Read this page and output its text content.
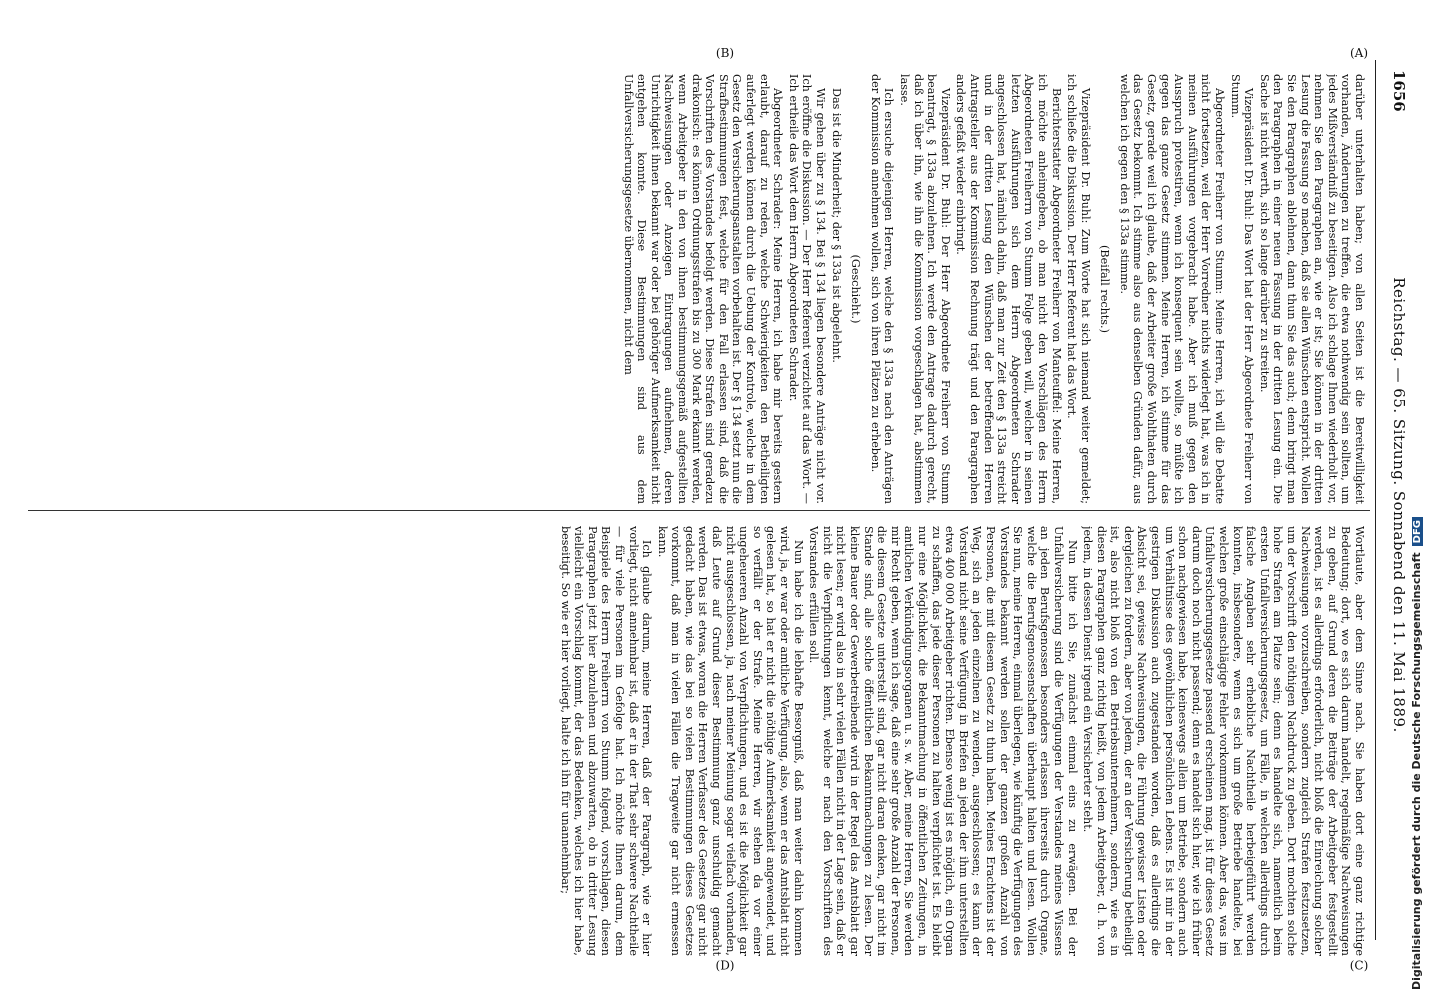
1656
Reichstag. — 65. Sitzung. Sonnabend den 11. Mai 1889.
(A)
(B)
(C)
(D)

darüber unterhalten haben; von allen Seiten ist die Bereitwilligkeit vorhanden, Änderungen zu treffen, die etwa nothwendig sein sollten, um jedes Mißverständniß zu beseitigen. Also ich schlage Ihnen wiederholt vor, nehmen Sie den Paragraphen an, wie er ist; Sie können in der dritten Lesung die Fassung so machen, daß sie allen Wünschen entspricht. Wollen Sie den Paragraphen ablehnen, dann thun Sie das auch; denn bringt man den Paragraphen in einer neuen Fassung in der dritten Lesung ein. Die Sache ist nicht werth, sich so lange darüber zu streiten.

Vizepräsident Dr. Buhl: Das Wort hat der Herr Abgeordnete Freiherr von Stumm.

Abgeordneter Freiherr von Stumm: Meine Herren, ich will die Debatte nicht fortsetzen, weil der Herr Vorredner nichts widerlegt hat, was ich in meinen Ausführungen vorgebracht habe. Aber ich muß gegen den Ausspruch protestiren, wenn ich konsequent sein wollte, so müßte ich gegen das ganze Gesetz stimmen. Meine Herren, ich stimme für das Gesetz, gerade weil ich glaube, daß der Arbeiter große Wohlthaten durch das Gesetz bekommt. Ich stimme also aus denselben Gründen dafür, aus welchen ich gegen den § 133a stimme.

(Beifall rechts.)

Vizepräsident Dr. Buhl: Zum Worte hat sich niemand weiter gemeldet; ich schließe die Diskussion. Der Herr Referent hat das Wort.

Berichterstatter Abgeordneter Freiherr von Manteuffel: Meine Herren, ich möchte anheimgeben, ob man nicht den Vorschlägen des Herrn Abgeordneten Freiherrn von Stumm Folge geben will, welcher in seinen letzten Ausführungen sich dem Herrn Abgeordneten Schrader angeschlossen hat, nämlich dahin, daß man zur Zeit den § 133a streicht und in der dritten Lesung den Wünschen der betreffenden Herren Antragsteller aus der Kommission Rechnung trägt und den Paragraphen anders gefaßt wieder einbringt.

Vizepräsident Dr. Buhl: Der Herr Abgeordnete Freiherr von Stumm beantragt, § 133a abzulehnen. Ich werde den Antrage dadurch gerecht, daß ich über ihn, wie ihn die Kommission vorgeschlagen hat, abstimmen lasse.

Ich ersuche diejenigen Herren, welche den § 133a nach den Anträgen der Kommission annehmen wollen, sich von ihren Plätzen zu erheben.

(Geschieht.)

Das ist die Minderheit; der § 133a ist abgelehnt.

Wir gehen über zu § 134. Bei § 134 liegen besondere Anträge nicht vor. Ich eröffne die Diskussion. — Der Herr Referent verzichtet auf das Wort. — Ich ertheile das Wort dem Herrn Abgeordneten Schrader.

Abgeordneter Schrader: Meine Herren, ich habe mir bereits gestern erlaubt, darauf zu reden, welche Schwierigkeiten den Betheiligten auferlegt werden können durch die Uebung der Kontrole, welche in dem Gesetz den Versicherungsanstalten vorbehalten ist. Der § 134 setzt nun die Strafbestimmungen fest, welche für den Fall erlassen sind, daß die Vorschriften des Vorstandes befolgt werden. Diese Strafen sind geradezu drakonisch: es können Ordnungsstrafen bis zu 300 Mark erkannt werden, wenn Arbeitgeber in den von ihnen bestimmungsgemäß aufgestellten Nachweisungen oder Anzeigen Eintragungen aufnehmen, deren Unrichtigkeit ihnen bekannt war oder bei gehöriger Aufmerksamkeit nicht entgehen konnte. Diese Bestimmungen sind aus dem Unfallversicherungsgesetze übernommen, nicht dem

Wortlaute, aber dem Sinne nach. Sie haben dort eine ganz richtige Bedeutung; dort, wo es sich darum handelt, regelmäßige Nachweisungen zu geben, auf Grund deren die Beiträge der Arbeitgeber festgestellt werden, ist es allerdings erforderlich, nicht bloß die Einreichung solcher Nachweisungen vorzuschreiben, sondern zugleich Strafen festzusetzen, um der Vorschrift den nöthigen Nachdruck zu geben. Dort mochten solche hohe Strafen am Platze sein; denn es handelte sich, namentlich beim ersten Unfallversicherungsgesetz, um Fälle, in welchen allerdings durch falsche Angaben sehr erhebliche Nachtheile herbeigeführt werden konnten, insbesondere, wenn es sich um große Betriebe handelte, bei welchen große einschlägige Fehler vorkommen können. Aber das, was im Unfallversicherungsgesetze passend erscheinen mag, ist für dieses Gesetz darum doch noch nicht passend; denn es handelt sich hier, wie ich früher schon nachgewiesen habe, keineswegs allein um Betriebe, sondern auch um Verhältnisse des gewöhnlichen persönlichen Lebens. Es ist mir in der gestrigen Diskussion auch zugestanden worden, daß es allerdings die Absicht sei, gewisse Nachweisungen, die Führung gewisser Listen oder dergleichen zu fordern, aber von jedem, der an der Versicherung betheiligt ist, also nicht bloß von den Betriebsunternehmern, sondern, wie es in diesen Paragraphen ganz richtig heißt, von jedem Arbeitgeber, d. h. von jedem, in dessen Dienst irgend ein Versicherter steht.

Nun bitte ich Sie, zunächst einmal eins zu erwägen. Bei der Unfallversicherung sind die Verfügungen der Verstandes meines Wissens an jeden Berufsgenossen besonders erlassen ihrerseits durch Organe, welche die Berufsgenossenschaften überhaupt halten und lesen. Wollen Sie nun, meine Herren, einmal überlegen, wie künftig die Verfügungen des Vorstandes bekannt werden sollen der ganzen großen Anzahl von Personen, die mit diesem Gesetz zu thun haben. Meines Erachtens ist der Weg, sich an jeden einzelnen zu wenden, ausgeschlossen; es kann der Vorstand nicht seine Verfügung in Briefen an jeden der ihm unterstellten etwa 400 000 Arbeitgeber richten. Ebenso wenig ist es möglich, ein Organ zu schaffen, das jede dieser Personen zu halten verpflichtet ist. Es bleibt nur eine Möglichkeit, die Bekanntmachung in öffentlichen Zeitungen, in amtlichen Verkündigungsorganen u. s. w. Aber, meine Herren, Sie werden mir Recht geben, wenn ich sage, daß eine sehr große Anzahl der Personen, die diesem Gesetze unterstellt sind, gar nicht daran denken, gar nicht im Stande sind, alle solche öffentlichen Bekanntmachungen zu lesen. Der kleine Bauer oder Gewerbetreibende wird in der Regel das Amtsblatt gar nicht lesen; er wird also in sehr vielen Fällen nicht in der Lage sein, daß er nicht die Verpflichtungen kennt, welche er nach den Vorschriften des Vorstandes erfüllen soll.

Nun habe ich die lebhafte Besorgniß, daß man weiter dahin kommen wird, ja, er war oder amtliche Verfügung, also, wenn er das Amtsblatt nicht gelesen hat, so hat er nicht die nöthige Aufmerksamkeit angewendet, und so verfällt er der Strafe. Meine Herren, wir stehen da vor einer ungeheueren Anzahl von Verpflichtungen, und es ist die Möglichkeit gar nicht ausgeschlossen, ja, nach meiner Meinung sogar vielfach vorhanden, daß Leute auf Grund dieser Bestimmung ganz unschuldig gemacht werden. Das ist etwas, woran die Herren Verfasser des Gesetzes gar nicht gedacht haben, wie das bei so vielen Bestimmungen dieses Gesetzes vorkommt, daß man in vielen Fällen die Tragweite gar nicht ermessen kann.

Ich glaube darum, meine Herren, daß der Paragraph, wie er hier vorliegt, nicht annehmbar ist, daß er in der That sehr schwere Nachtheile — für viele Personen im Gefolge hat. Ich möchte Ihnen darum, dem Beispiele des Herrn Freiherrn von Stumm folgend, vorschlagen, diesen Paragraphen jetzt hier abzulehnen und abzuwarten, ob in dritter Lesung vielleicht ein Vorschlag kommt, der das Bedenken, welches ich hier habe, beseitigt. So wie er hier vorliegt, halte ich ihn für unannehmbar;	Digitalisierung gefördert durch die Deutsche ForschungsgemeinschaftDFG
